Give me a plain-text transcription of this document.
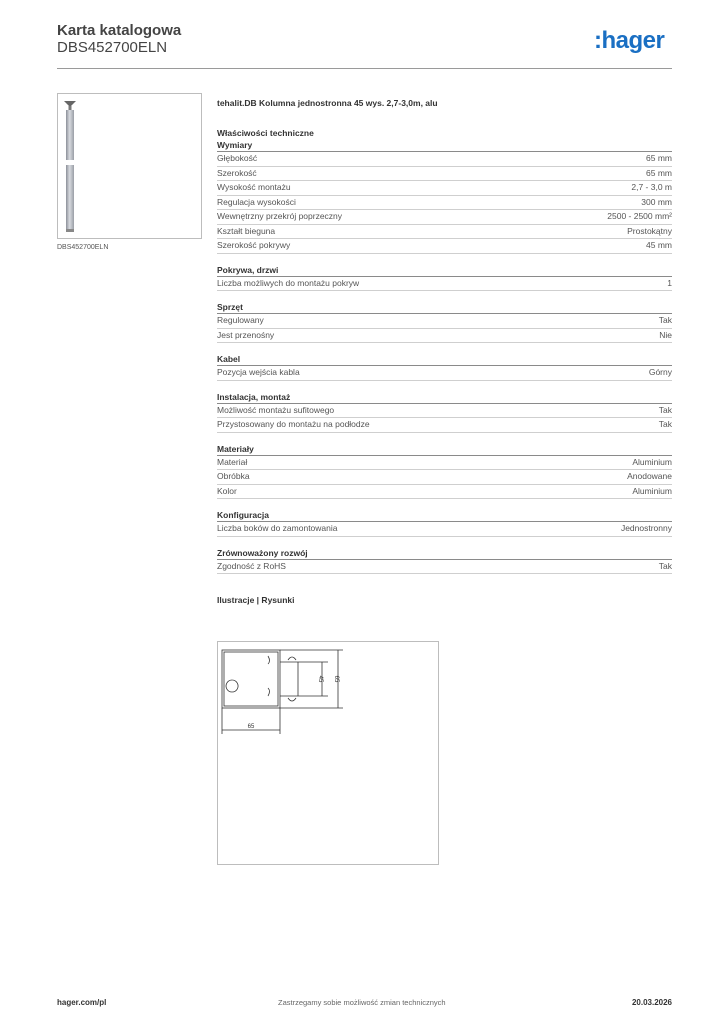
Karta katalogowa
DBS452700ELN	:hager
DBS452700ELN
tehalit.DB Kolumna jednostronna 45 wys. 2,7-3,0m, alu
Właściwości techniczne
Wymiary
Głębokość	65 mm
Szerokość	65 mm
Wysokość montażu	2,7 - 3,0 m
Regulacja wysokości	300 mm
Wewnętrzny przekrój poprzeczny	2500 - 2500 mm²
Kształt bieguna	Prostokątny
Szerokość pokrywy	45 mm
Pokrywa, drzwi
Liczba możliwych do montażu pokryw	1
Sprzęt
Regulowany	Tak
Jest przenośny	Nie
Kabel
Pozycja wejścia kabla	Górny
Instalacja, montaż
Możliwość montażu sufitowego	Tak
Przystosowany do montażu na podłodze	Tak
Materiały
Materiał	Aluminium
Obróbka	Anodowane
Kolor	Aluminium
Konfiguracja
Liczba boków do zamontowania	Jednostronny
Zrównoważony rozwój
Zgodność z RoHS	Tak
Ilustracje | Rysunki
65
45 65
hager.com/pl	Zastrzegamy sobie możliwość zmian technicznych	20.03.2026
